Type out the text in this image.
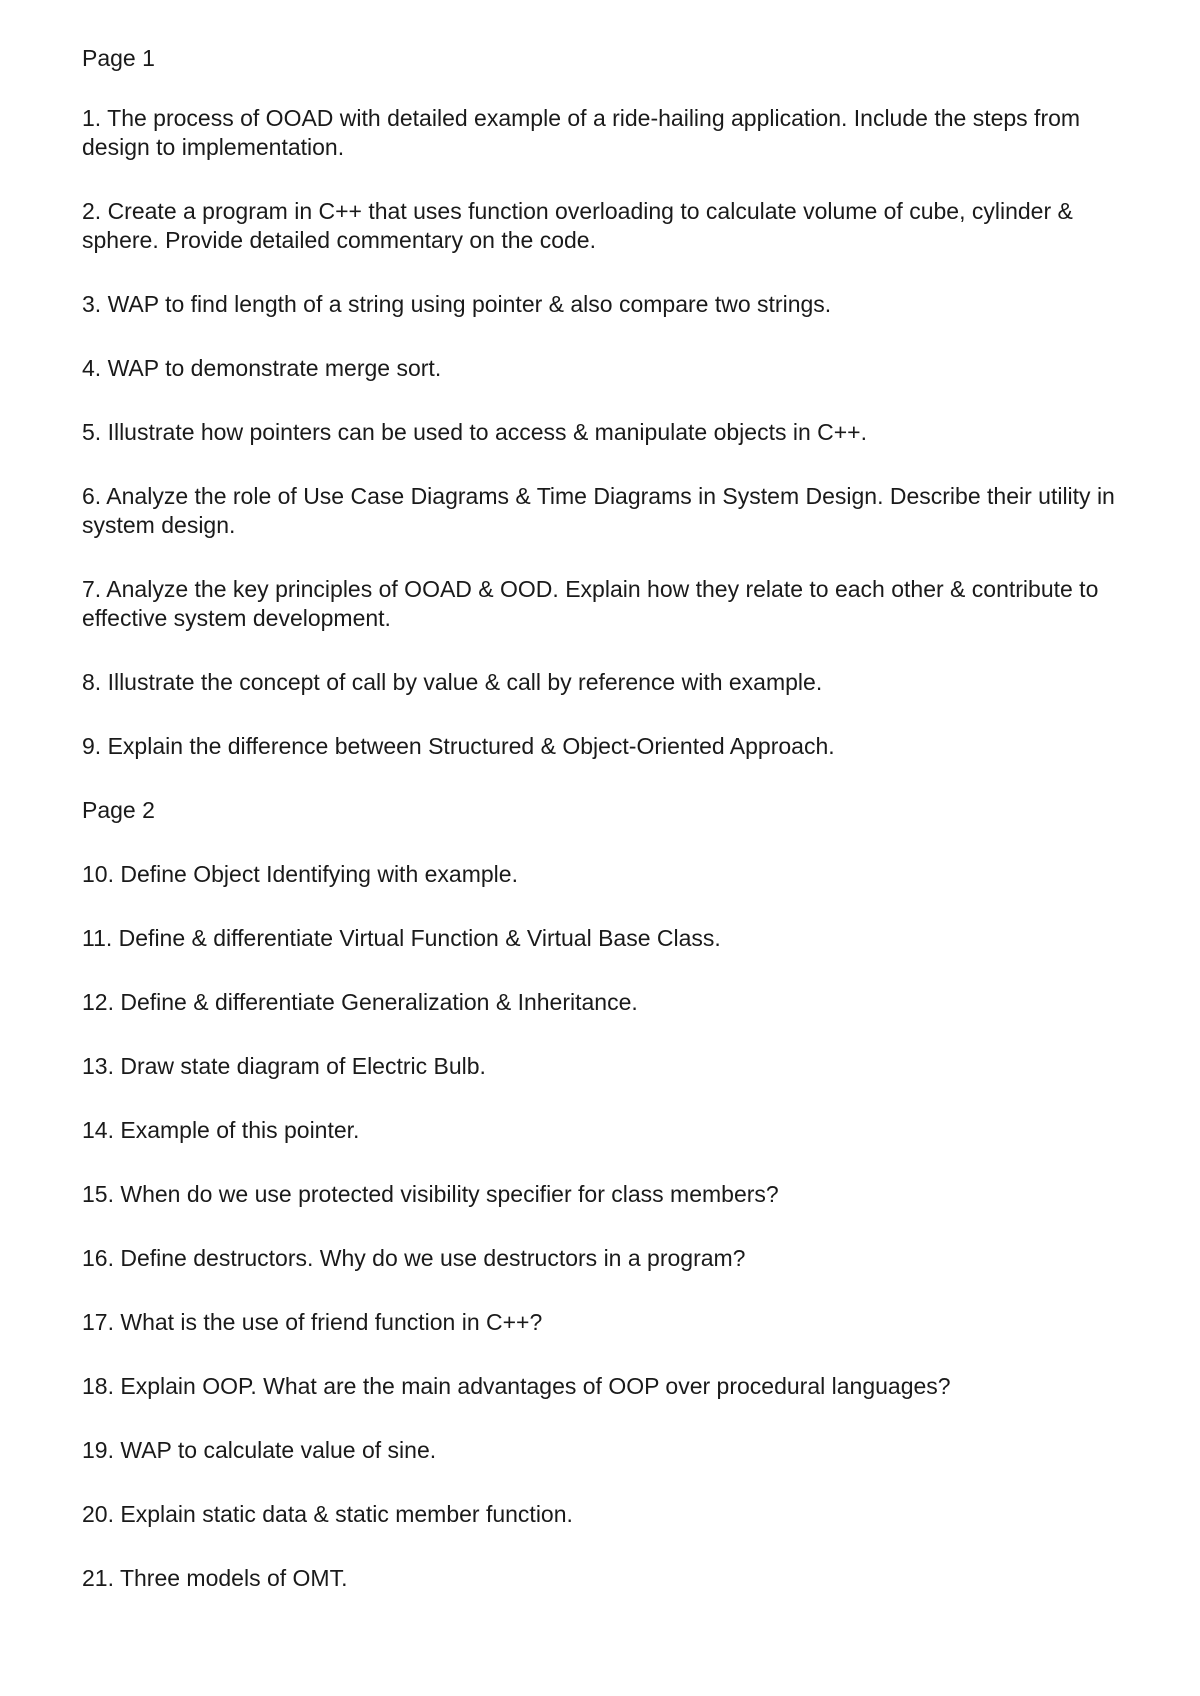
Page 1

1. The process of OOAD with detailed example of a ride-hailing application. Include the steps from design to implementation.

2. Create a program in C++ that uses function overloading to calculate volume of cube, cylinder & sphere. Provide detailed commentary on the code.

3. WAP to find length of a string using pointer & also compare two strings.

4. WAP to demonstrate merge sort.

5. Illustrate how pointers can be used to access & manipulate objects in C++.

6. Analyze the role of Use Case Diagrams & Time Diagrams in System Design. Describe their utility in system design.

7. Analyze the key principles of OOAD & OOD. Explain how they relate to each other & contribute to effective system development.

8. Illustrate the concept of call by value & call by reference with example.

9. Explain the difference between Structured & Object-Oriented Approach.

Page 2

10. Define Object Identifying with example.

11. Define & differentiate Virtual Function & Virtual Base Class.

12. Define & differentiate Generalization & Inheritance.

13. Draw state diagram of Electric Bulb.

14. Example of this pointer.

15. When do we use protected visibility specifier for class members?

16. Define destructors. Why do we use destructors in a program?

17. What is the use of friend function in C++?

18. Explain OOP. What are the main advantages of OOP over procedural languages?

19. WAP to calculate value of sine.

20. Explain static data & static member function.

21. Three models of OMT.
